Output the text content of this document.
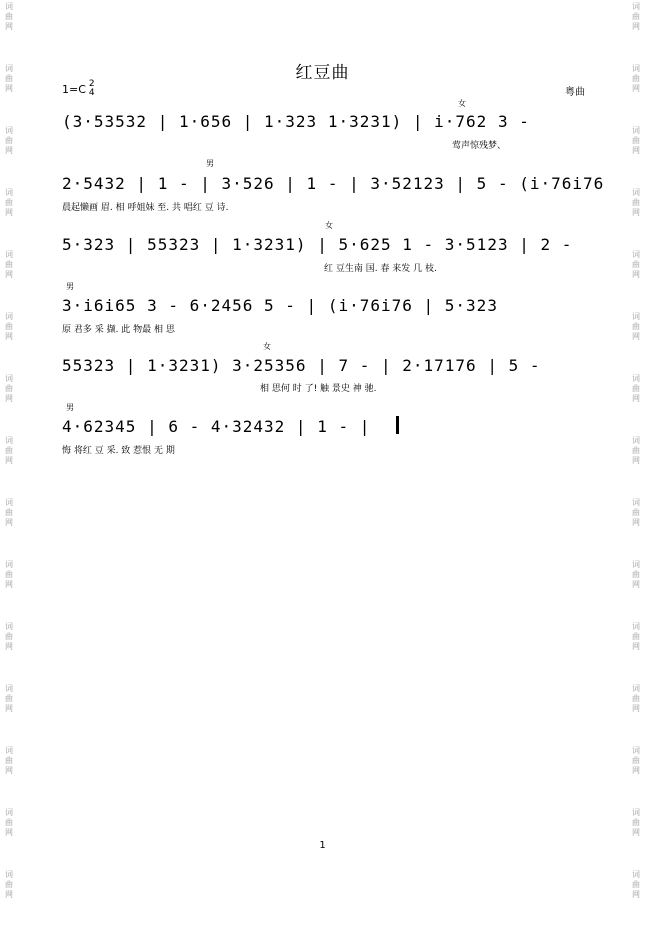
词
曲
网
词
曲
网
词
曲
网
词
曲
网
词
曲
网
词
曲
网
词
曲
网
词
曲
网
词
曲
网
词
曲
网
词
曲
网
词
曲
网
词
曲
网
词
曲
网
词
曲
网
词
曲
网
词
曲
网
词
曲
网
词
曲
网
词
曲
网
词
曲
网
词
曲
网
词
曲
网
词
曲
网
词
曲
网
词
曲
网
词
曲
网
词
曲
网
词
曲
网
词
曲
网
红豆曲
1=C 2
4	粤曲
女
(3·53532 | 1·656 | 1·323 1·3231) | i·762 3 -
莺声惊残梦、
男
2·5432 | 1 - | 3·526 | 1 - | 3·52123 | 5 - (i·76i76
晨起懒画 眉. 相 呼姐妹 至. 共 唱红 豆 诗.
女
5·323 | 55323 | 1·3231) | 5·625 1 - 3·5123 | 2 -
红 豆生南 国. 春 来发 几 枝.
男
3·i6i65 3 - 6·2456 5 - | (i·76i76 | 5·323
原 君多 采 撷. 此 物最 相 思
女
55323 | 1·3231) 3·25356 | 7 - | 2·17176 | 5 -
相 思何 时 了! 触 景史 神 驰.
男
4·62345 | 6 - 4·32432 | 1 - |
悔 将红 豆 采. 致 惹恨 无 期
1
